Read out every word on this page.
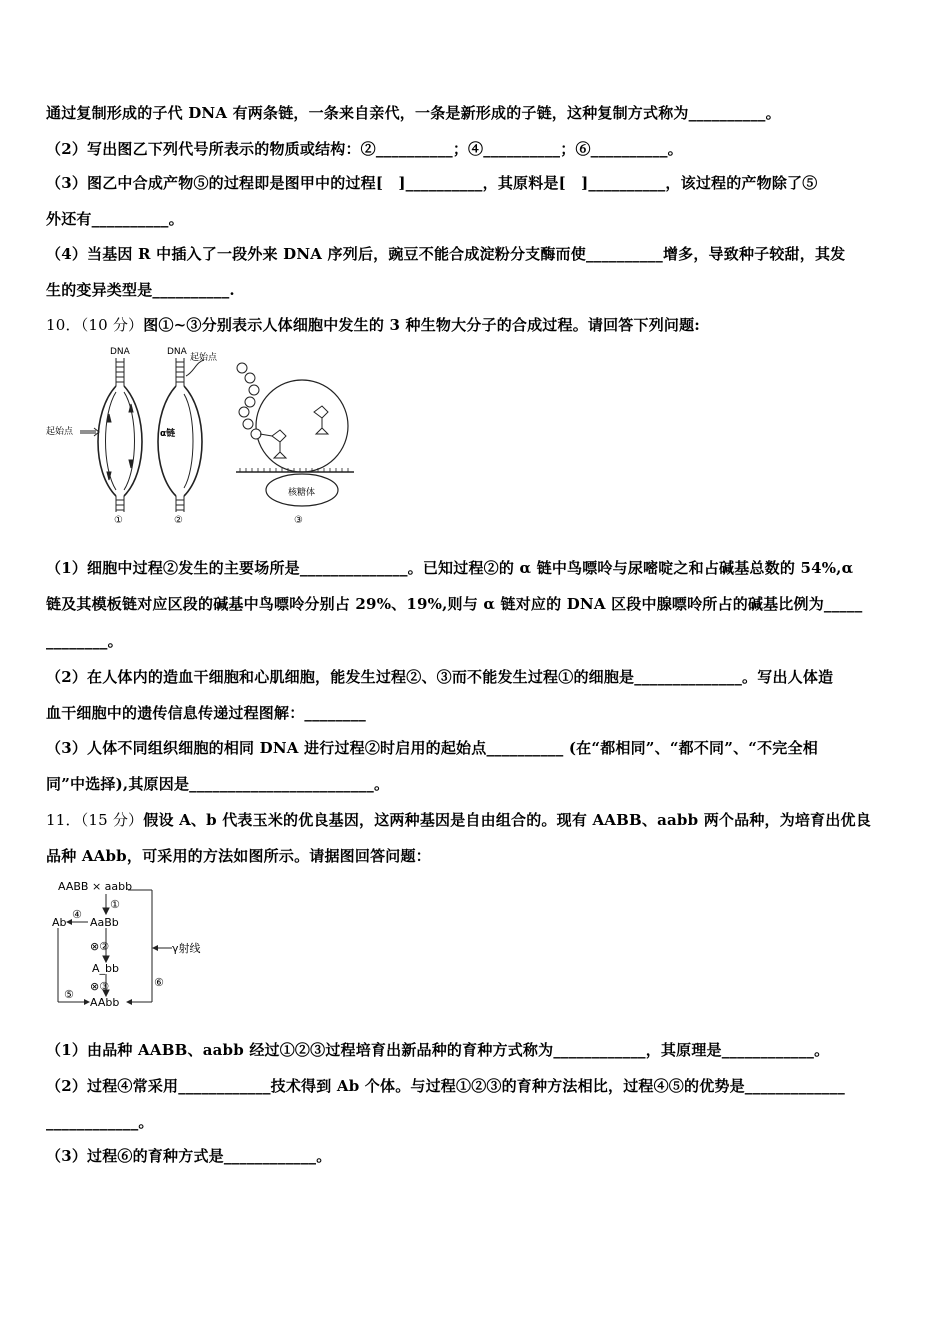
通过复制形成的子代 DNA 有两条链，一条来自亲代，一条是新形成的子链，这种复制方式称为__________。
（2）写出图乙下列代号所表示的物质或结构：②__________；④__________；⑥__________。
（3）图乙中合成产物⑤的过程即是图甲中的过程[　]__________，其原料是[　]__________，该过程的产物除了⑤
外还有__________。
（4）当基因 R 中插入了一段外来 DNA 序列后，豌豆不能合成淀粉分支酶而使__________增多，导致种子较甜，其发
生的变异类型是__________.
10．（10 分）图①~③分别表示人体细胞中发生的 3 种生物大分子的合成过程。请回答下列问题:
DNA
起始点
①
DNA
起始点
α链
②
核糖体
③
（1）细胞中过程②发生的主要场所是______________。已知过程②的 α 链中鸟嘌呤与尿嘧啶之和占碱基总数的 54%,α
链及其模板链对应区段的碱基中鸟嘌呤分别占 29%、19%,则与 α 链对应的 DNA 区段中腺嘌呤所占的碱基比例为_____
________。
（2）在人体内的造血干细胞和心肌细胞，能发生过程②、③而不能发生过程①的细胞是______________。写出人体造
血干细胞中的遗传信息传递过程图解：________
（3）人体不同组织细胞的相同 DNA 进行过程②时启用的起始点__________ (在“都相同”、“都不同”、“不完全相
同”中选择),其原因是________________________。
11．（15 分）假设 A、b 代表玉米的优良基因，这两种基因是自由组合的。现有 AABB、aabb 两个品种，为培育出优良
品种 AAbb，可采用的方法如图所示。请据图回答问题：
AABB × aabb
①
AaBb
Ab
④
⊗②
A_bb
⊗③
AAbb
⑤
⑥
γ射线
（1）由品种 AABB、aabb 经过①②③过程培育出新品种的育种方式称为____________，其原理是____________。
（2）过程④常采用____________技术得到 Ab 个体。与过程①②③的育种方法相比，过程④⑤的优势是_____________
____________。
（3）过程⑥的育种方式是____________。
